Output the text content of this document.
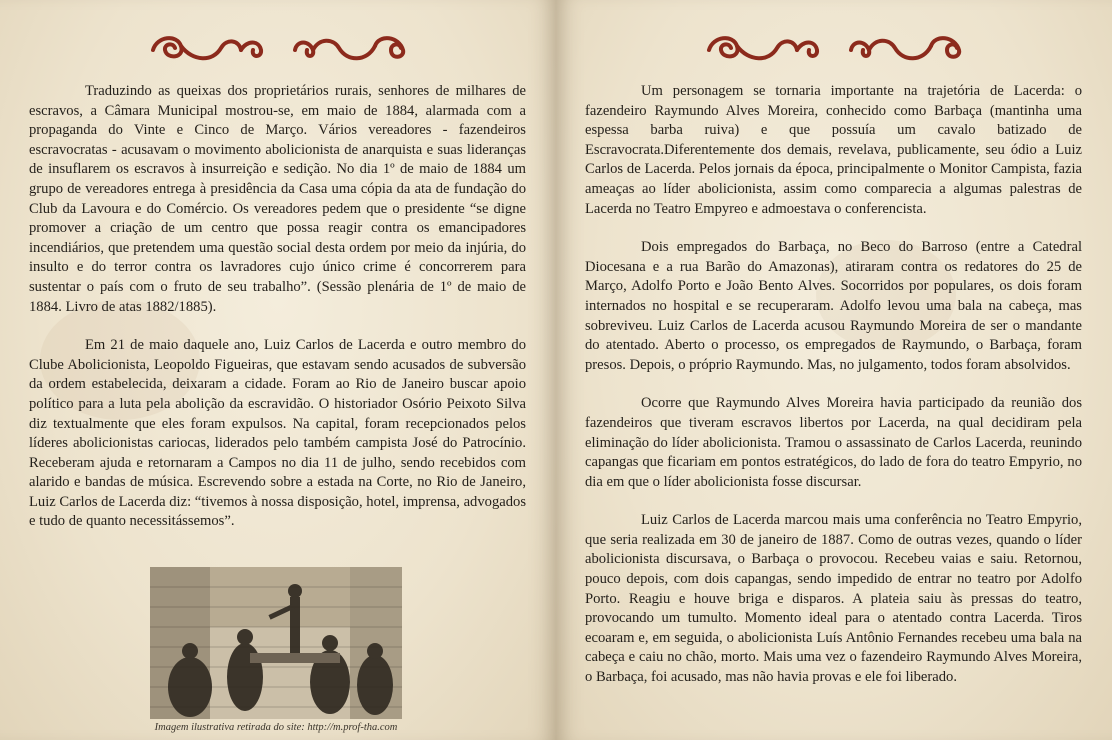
Traduzindo as queixas dos proprietários rurais, senhores de milhares de escravos, a Câmara Municipal mostrou-se, em maio de 1884, alarmada com a propaganda do Vinte e Cinco de Março. Vários vereadores - fazendeiros escravocratas - acusavam o movimento abolicionista de anarquista e suas lideranças de insuflarem os escravos à insurreição e sedição. No dia 1º de maio de 1884 um grupo de vereadores entrega à presidência da Casa uma cópia da ata de fundação do Club da Lavoura e do Comércio. Os vereadores pedem que o presidente “se digne promover a criação de um centro que possa reagir contra os emancipadores incendiários, que pretendem uma questão social desta ordem por meio da injúria, do insulto e do terror contra os lavradores cujo único crime é concorrerem para sustentar o país com o fruto de seu trabalho”. (Sessão plenária de 1º de maio de 1884. Livro de atas 1882/1885).

Em 21 de maio daquele ano, Luiz Carlos de Lacerda e outro membro do Clube Abolicionista, Leopoldo Figueiras, que estavam sendo acusados de subversão da ordem estabelecida, deixaram a cidade. Foram ao Rio de Janeiro buscar apoio político para a luta pela abolição da escravidão. O historiador Osório Peixoto Silva diz textualmente que eles foram expulsos. Na capital, foram recepcionados pelos líderes abolicionistas cariocas, liderados pelo também campista José do Patrocínio. Receberam ajuda e retornaram a Campos no dia 11 de julho, sendo recebidos com alarido e bandas de música. Escrevendo sobre a estada na Corte, no Rio de Janeiro, Luiz Carlos de Lacerda diz: “tivemos à nossa disposição, hotel, imprensa, advogados e tudo de quanto necessitássemos”.

Imagem ilustrativa retirada do site: http://m.prof-tha.com

Um personagem se tornaria importante na trajetória de Lacerda: o fazendeiro Raymundo Alves Moreira, conhecido como Barbaça (mantinha uma espessa barba ruiva) e que possuía um cavalo batizado de Escravocrata.Diferentemente dos demais, revelava, publicamente, seu ódio a Luiz Carlos de Lacerda. Pelos jornais da época, principalmente o Monitor Campista, fazia ameaças ao líder abolicionista, assim como comparecia a algumas palestras de Lacerda no Teatro Empyreo e admoestava o conferencista.

Dois empregados do Barbaça, no Beco do Barroso (entre a Catedral Diocesana e a rua Barão do Amazonas), atiraram contra os redatores do 25 de Março, Adolfo Porto e João Bento Alves. Socorridos por populares, os dois foram internados no hospital e se recuperaram. Adolfo levou uma bala na cabeça, mas sobreviveu. Luiz Carlos de Lacerda acusou Raymundo Moreira de ser o mandante do atentado. Aberto o processo, os empregados de Raymundo, o Barbaça, foram presos. Depois, o próprio Raymundo. Mas, no julgamento, todos foram absolvidos.

Ocorre que Raymundo Alves Moreira havia participado da reunião dos fazendeiros que tiveram escravos libertos por Lacerda, na qual decidiram pela eliminação do líder abolicionista. Tramou o assassinato de Carlos Lacerda, reunindo capangas que ficariam em pontos estratégicos, do lado de fora do teatro Empyrio, no dia em que o líder abolicionista fosse discursar.

Luiz Carlos de Lacerda marcou mais uma conferência no Teatro Empyrio, que seria realizada em 30 de janeiro de 1887. Como de outras vezes, quando o líder abolicionista discursava, o Barbaça o provocou. Recebeu vaias e saiu. Retornou, pouco depois, com dois capangas, sendo impedido de entrar no teatro por Adolfo Porto. Reagiu e houve briga e disparos. A plateia saiu às pressas do teatro, provocando um tumulto. Momento ideal para o atentado contra Lacerda. Tiros ecoaram e, em seguida, o abolicionista Luís Antônio Fernandes recebeu uma bala na cabeça e caiu no chão, morto. Mais uma vez o fazendeiro Raymundo Alves Moreira, o Barbaça, foi acusado, mas não havia provas e ele foi liberado.
